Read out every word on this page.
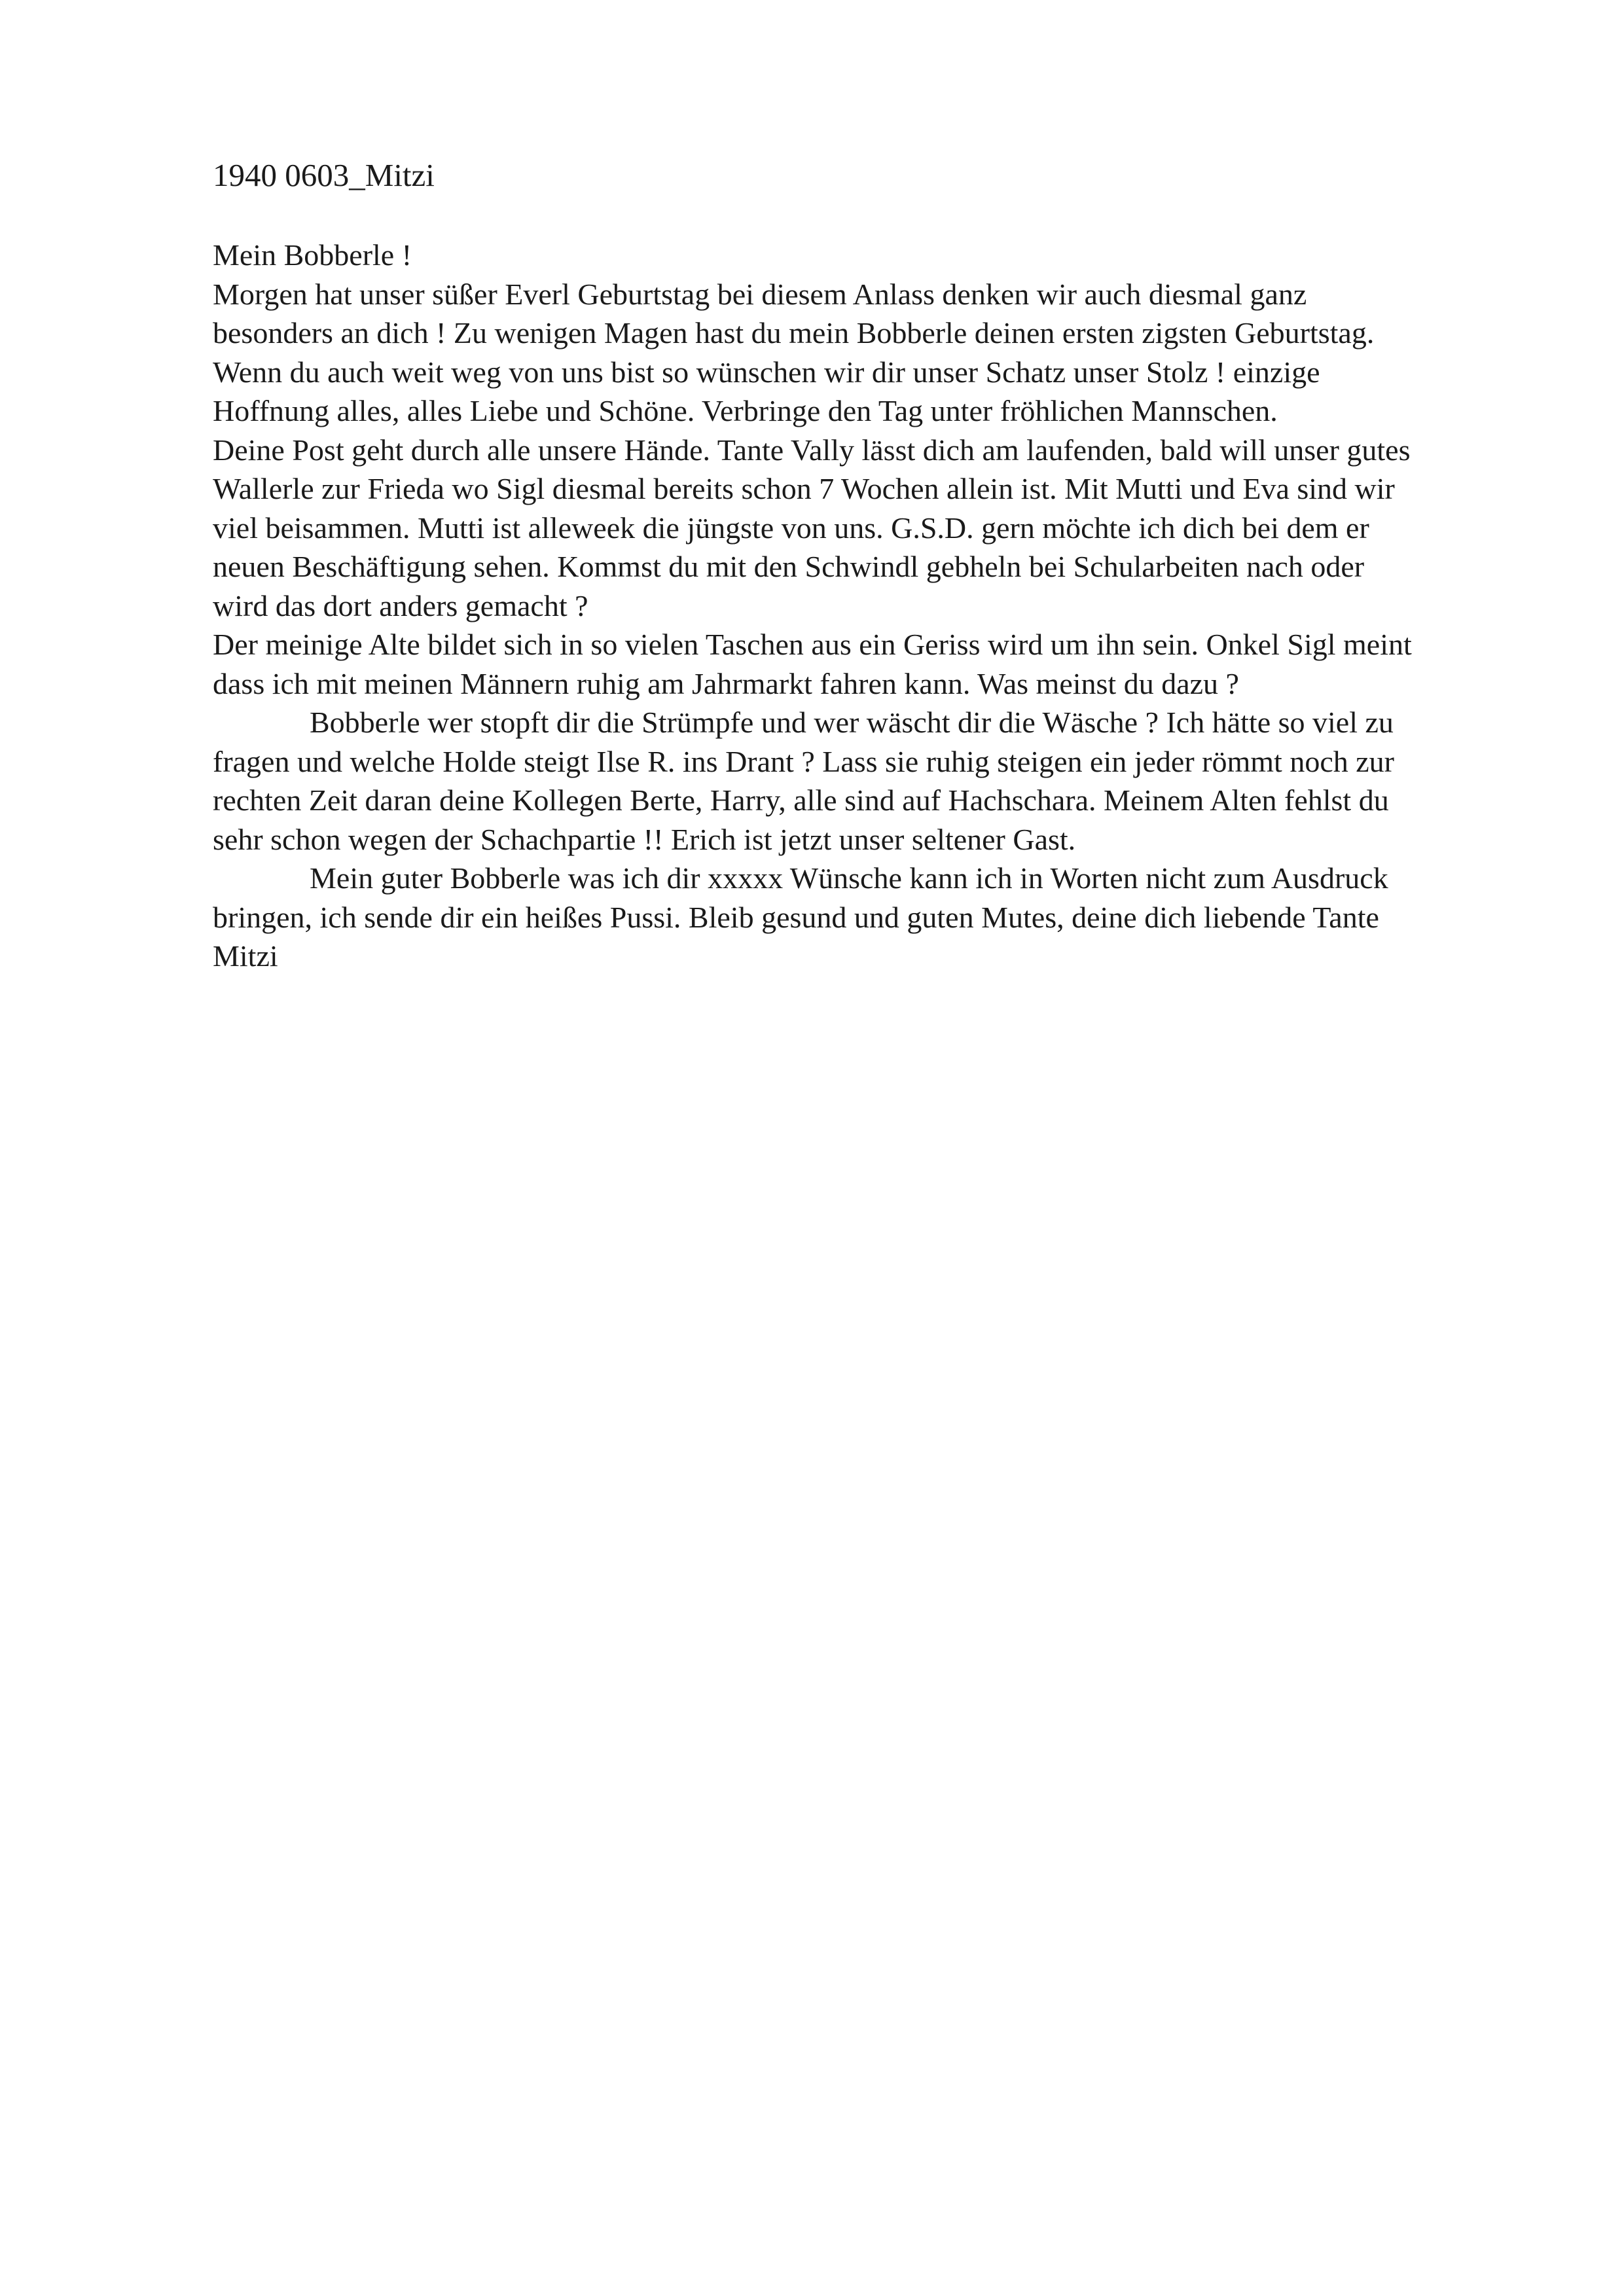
1940 0603_Mitzi
Mein Bobberle !
Morgen hat unser süßer Everl Geburtstag bei diesem Anlass denken wir auch diesmal ganz
besonders an dich ! Zu wenigen Magen hast du mein Bobberle deinen ersten zigsten Geburtstag.
Wenn du auch weit weg von uns bist so wünschen wir dir unser Schatz unser Stolz ! einzige
Hoffnung alles, alles Liebe und Schöne. Verbringe den Tag unter fröhlichen Mannschen.
Deine Post geht durch alle unsere Hände. Tante Vally lässt dich am laufenden, bald will unser gutes
Wallerle zur Frieda wo Sigl diesmal bereits schon 7 Wochen allein ist. Mit Mutti und Eva sind wir
viel beisammen. Mutti ist alleweek die jüngste von uns. G.S.D. gern möchte ich dich bei dem er
neuen Beschäftigung sehen. Kommst du mit den Schwindl gebheln bei Schularbeiten nach oder
wird das dort anders gemacht ?
Der meinige Alte bildet sich in so vielen Taschen aus ein Geriss wird um ihn sein. Onkel Sigl meint
dass ich mit meinen Männern ruhig am Jahrmarkt fahren kann. Was meinst du dazu ?
Bobberle wer stopft dir die Strümpfe und wer wäscht dir die Wäsche ? Ich hätte so viel zu
fragen und welche Holde steigt Ilse R. ins Drant ? Lass sie ruhig steigen ein jeder römmt noch zur
rechten Zeit daran deine Kollegen Berte, Harry, alle sind auf Hachschara. Meinem Alten fehlst du
sehr schon wegen der Schachpartie !! Erich ist jetzt unser seltener Gast.
Mein guter Bobberle was ich dir xxxxx Wünsche kann ich in Worten nicht zum Ausdruck
bringen, ich sende dir ein heißes Pussi. Bleib gesund und guten Mutes, deine dich liebende Tante
Mitzi
